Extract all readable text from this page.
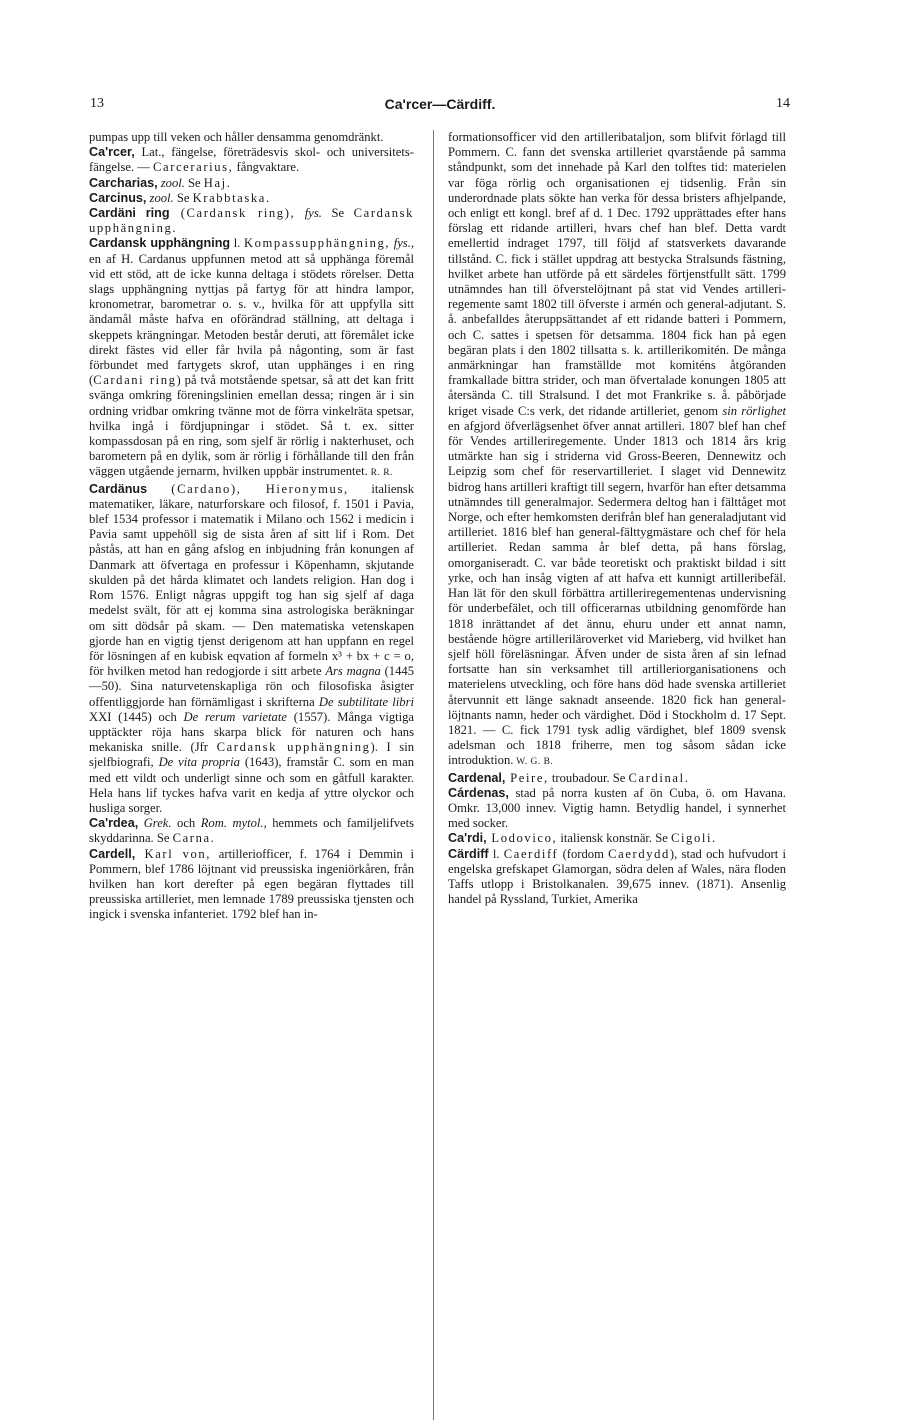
13	Ca'rcer—Cärdiff.	14

pumpas upp till veken och håller densamma genomdränkt.

Ca'rcer, Lat., fängelse, företrädesvis skol- och universitets-fängelse. — Carcerarius, fångvaktare.

Carcharias, zool. Se Haj.

Carcinus, zool. Se Krabbtaska.

Cardäni ring (Cardansk ring), fys. Se Cardansk upphängning.

Cardansk upphängning l. Kompassupphängning, fys., en af H. Cardanus uppfunnen metod att så upphänga föremål vid ett stöd, att de icke kunna deltaga i stödets rörelser. Detta slags upphängning nyttjas på fartyg för att hindra lampor, kronometrar, barometrar o. s. v., hvilka för att uppfylla sitt ändamål måste hafva en oförändrad ställning, att deltaga i skeppets krängningar. Metoden består deruti, att föremålet icke direkt fästes vid eller får hvila på någonting, som är fast förbundet med fartygets skrof, utan upphänges i en ring (Cardani ring) på två motstående spetsar, så att det kan fritt svänga omkring föreningslinien emellan dessa; ringen är i sin ordning vridbar omkring tvänne mot de förra vinkelräta spetsar, hvilka ingå i fördjupningar i stödet. Så t. ex. sitter kompassdosan på en ring, som sjelf är rörlig i nakterhuset, och barometern på en dylik, som är rörlig i förhållande till den från väggen utgående jernarm, hvilken uppbär instrumentet. R. R.

Cardänus (Cardano), Hieronymus, italiensk matematiker, läkare, naturforskare och filosof, f. 1501 i Pavia, blef 1534 professor i matematik i Milano och 1562 i medicin i Pavia samt uppehöll sig de sista åren af sitt lif i Rom. Det påstås, att han en gång afslog en inbjudning från konungen af Danmark att öfvertaga en professur i Köpenhamn, skjutande skulden på det hårda klimatet och landets religion. Han dog i Rom 1576. Enligt någras uppgift tog han sig sjelf af daga medelst svält, för att ej komma sina astrologiska beräkningar om sitt dödsår på skam. — Den matematiska vetenskapen gjorde han en vigtig tjenst derigenom att han uppfann en regel för lösningen af en kubisk eqvation af formeln x³ + bx + c = o, för hvilken metod han redogjorde i sitt arbete Ars magna (1445—50). Sina naturvetenskapliga rön och filosofiska åsigter offentliggjorde han förnämligast i skrifterna De subtilitate libri XXI (1445) och De rerum varietate (1557). Många vigtiga upptäckter röja hans skarpa blick för naturen och hans mekaniska snille. (Jfr Cardansk upphängning). I sin sjelfbiografi, De vita propria (1643), framstår C. som en man med ett vildt och underligt sinne och som en gåtfull karakter. Hela hans lif tyckes hafva varit en kedja af yttre olyckor och husliga sorger.

Ca'rdea, Grek. och Rom. mytol., hemmets och familjelifvets skyddarinna. Se Carna.

Cardell, Karl von, artilleriofficer, f. 1764 i Demmin i Pommern, blef 1786 löjtnant vid preussiska ingeniörkåren, från hvilken han kort derefter på egen begäran flyttades till preussiska artilleriet, men lemnade 1789 preussiska tjensten och ingick i svenska infanteriet. 1792 blef han in-

formationsofficer vid den artilleribataljon, som blifvit förlagd till Pommern. C. fann det svenska artilleriet qvarstående på samma ståndpunkt, som det innehade på Karl den tolftes tid: materielen var föga rörlig och organisationen ej tidsenlig. Från sin underordnade plats sökte han verka för dessa bristers afhjelpande, och enligt ett kongl. bref af d. 1 Dec. 1792 upprättades efter hans förslag ett ridande artilleri, hvars chef han blef. Detta vardt emellertid indraget 1797, till följd af statsverkets davarande tillstånd. C. fick i stället uppdrag att bestycka Stralsunds fästning, hvilket arbete han utförde på ett särdeles förtjenstfullt sätt. 1799 utnämndes han till öfverstelöjtnant på stat vid Vendes artilleri-regemente samt 1802 till öfverste i armén och general-adjutant. S. å. anbefalldes återuppsättandet af ett ridande batteri i Pommern, och C. sattes i spetsen för detsamma. 1804 fick han på egen begäran plats i den 1802 tillsatta s. k. artillerikomitén. De många anmärkningar han framställde mot komiténs åtgöranden framkallade bittra strider, och man öfvertalade konungen 1805 att återsända C. till Stralsund. I det mot Frankrike s. å. påbörjade kriget visade C:s verk, det ridande artilleriet, genom sin rörlighet en afgjord öfverlägsenhet öfver annat artilleri. 1807 blef han chef för Vendes artilleriregemente. Under 1813 och 1814 års krig utmärkte han sig i striderna vid Gross-Beeren, Dennewitz och Leipzig som chef för reservartilleriet. I slaget vid Dennewitz bidrog hans artilleri kraftigt till segern, hvarför han efter detsamma utnämndes till generalmajor. Sedermera deltog han i fälttåget mot Norge, och efter hemkomsten derifrån blef han generaladjutant vid artilleriet. 1816 blef han general-fälttygmästare och chef för hela artilleriet. Redan samma år blef detta, på hans förslag, omorganiseradt. C. var både teoretiskt och praktiskt bildad i sitt yrke, och han insåg vigten af att hafva ett kunnigt artilleribefäl. Han lät för den skull förbättra artilleriregementenas undervisning för underbefälet, och till officerarnas utbildning genomförde han 1818 inrättandet af det ännu, ehuru under ett annat namn, bestående högre artilleriläroverket vid Marieberg, vid hvilket han sjelf höll föreläsningar. Äfven under de sista åren af sin lefnad fortsatte han sin verksamhet till artilleriorganisationens och materielens utveckling, och före hans död hade svenska artilleriet återvunnit ett länge saknadt anseende. 1820 fick han general-löjtnants namn, heder och värdighet. Död i Stockholm d. 17 Sept. 1821. — C. fick 1791 tysk adlig värdighet, blef 1809 svensk adelsman och 1818 friherre, men tog såsom sådan icke introduktion. W. G. B.

Cardenal, Peire, troubadour. Se Cardinal.

Cárdenas, stad på norra kusten af ön Cuba, ö. om Havana. Omkr. 13,000 innev. Vigtig hamn. Betydlig handel, i synnerhet med socker.

Ca'rdi, Lodovico, italiensk konstnär. Se Cigoli.

Cärdiff l. Caerdiff (fordom Caerdydd), stad och hufvudort i engelska grefskapet Glamorgan, södra delen af Wales, nära floden Taffs utlopp i Bristolkanalen. 39,675 innev. (1871). Ansenlig handel på Ryssland, Turkiet, Amerika
